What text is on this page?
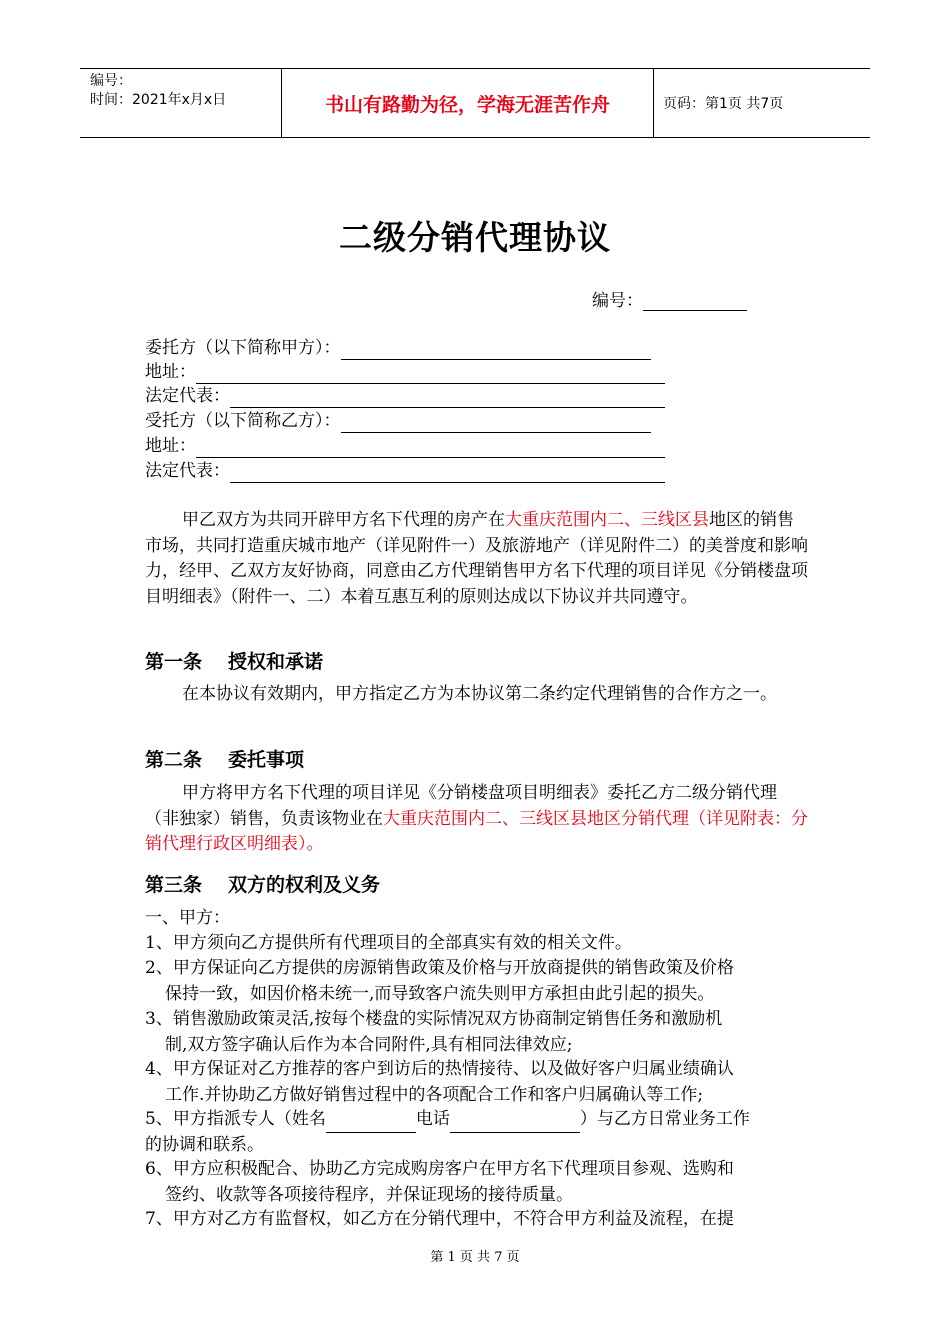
编号：
时间：2021年x月x日	书山有路勤为径，学海无涯苦作舟	页码：第1页 共7页
二级分销代理协议
编号：
委托方（以下简称甲方）：
地址：
法定代表：
受托方（以下简称乙方）：
地址：
法定代表：
甲乙双方为共同开辟甲方名下代理的房产在大重庆范围内二、三线区县地区的销售市场，共同打造重庆城市地产（详见附件一）及旅游地产（详见附件二）的美誉度和影响力，经甲、乙双方友好协商，同意由乙方代理销售甲方名下代理的项目详见《分销楼盘项目明细表》（附件一、二）本着互惠互利的原则达成以下协议并共同遵守。
第一条 授权和承诺
在本协议有效期内，甲方指定乙方为本协议第二条约定代理销售的合作方之一。
第二条 委托事项
甲方将甲方名下代理的项目详见《分销楼盘项目明细表》委托乙方二级分销代理（非独家）销售，负责该物业在大重庆范围内二、三线区县地区分销代理（详见附表：分销代理行政区明细表）。
第三条 双方的权利及义务
一、甲方：
1、甲方须向乙方提供所有代理项目的全部真实有效的相关文件。
2、甲方保证向乙方提供的房源销售政策及价格与开放商提供的销售政策及价格
保持一致，如因价格未统一,而导致客户流失则甲方承担由此引起的损失。
3、销售激励政策灵活,按每个楼盘的实际情况双方协商制定销售任务和激励机
制,双方签字确认后作为本合同附件,具有相同法律效应;
4、甲方保证对乙方推荐的客户到访后的热情接待、以及做好客户归属业绩确认
工作.并协助乙方做好销售过程中的各项配合工作和客户归属确认等工作;
5、甲方指派专人（姓名	电话	）与乙方日常业务工作
的协调和联系。
6、甲方应积极配合、协助乙方完成购房客户在甲方名下代理项目参观、选购和
签约、收款等各项接待程序，并保证现场的接待质量。
7、甲方对乙方有监督权，如乙方在分销代理中，不符合甲方利益及流程，在提
第 1 页 共 7 页
